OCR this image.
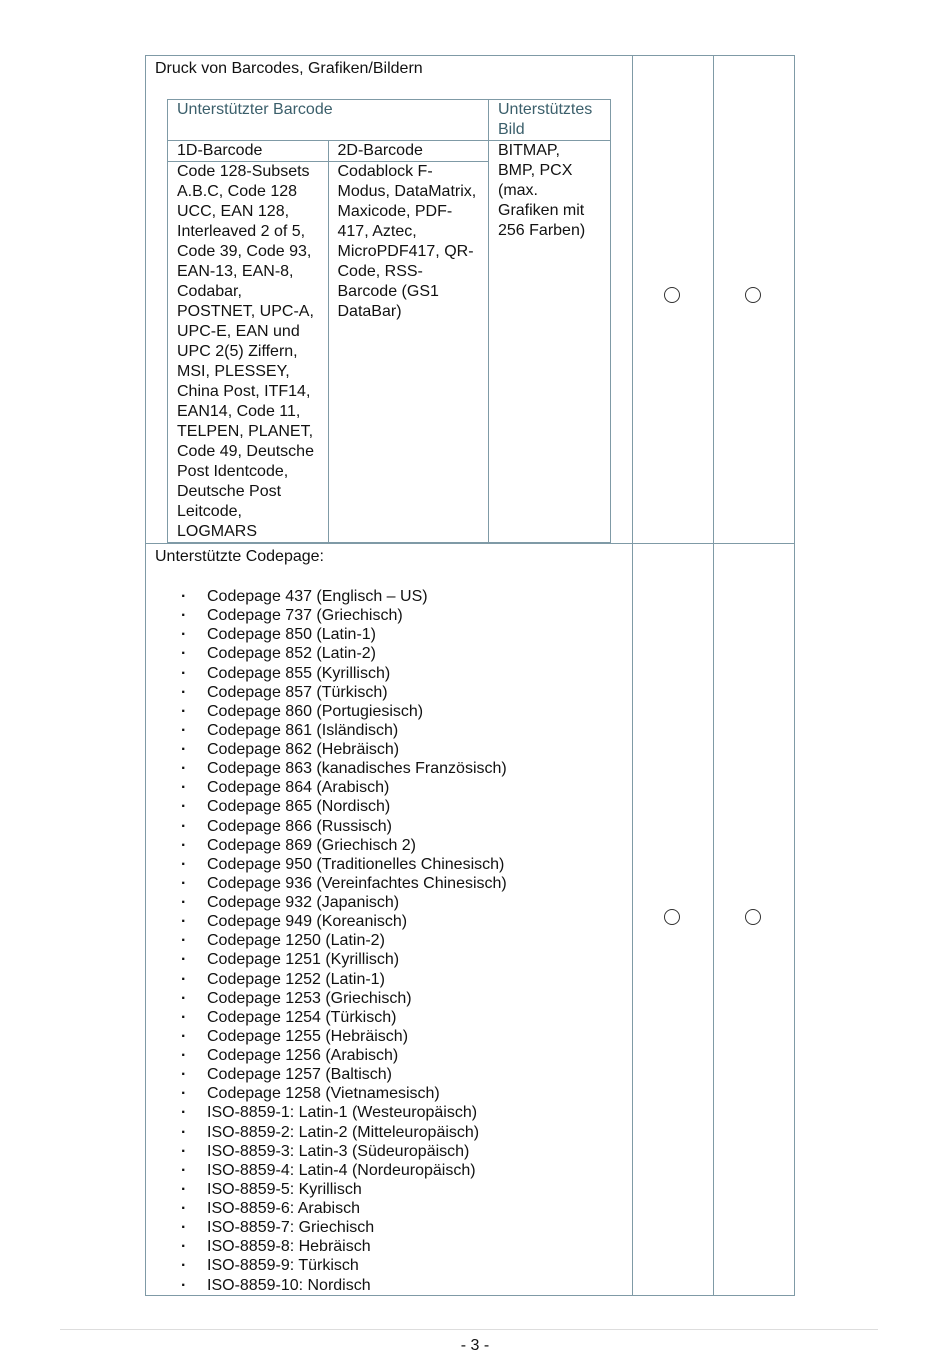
Druck von Barcodes, Grafiken/Bildern
Unterstützter Barcode	Unterstütztes Bild
1D-Barcode	2D-Barcode	BITMAP, BMP, PCX (max. Grafiken mit 256 Farben)
Code 128-Subsets A.B.C, Code 128 UCC, EAN 128, Interleaved 2 of 5, Code 39, Code 93, EAN-13, EAN-8, Codabar, POSTNET, UPC-A, UPC-E, EAN und UPC 2(5) Ziffern, MSI, PLESSEY, China Post, ITF14, EAN14, Code 11, TELPEN, PLANET, Code 49, Deutsche Post Identcode, Deutsche Post Leitcode, LOGMARS	Codablock F-Modus, DataMatrix, Maxicode, PDF-417, Aztec, MicroPDF417, QR-Code, RSS-Barcode (GS1 DataBar)

Unterstützte Codepage:
· Codepage 437 (Englisch – US)
· Codepage 737 (Griechisch)
· Codepage 850 (Latin-1)
· Codepage 852 (Latin-2)
· Codepage 855 (Kyrillisch)
· Codepage 857 (Türkisch)
· Codepage 860 (Portugiesisch)
· Codepage 861 (Isländisch)
· Codepage 862 (Hebräisch)
· Codepage 863 (kanadisches Französisch)
· Codepage 864 (Arabisch)
· Codepage 865 (Nordisch)
· Codepage 866 (Russisch)
· Codepage 869 (Griechisch 2)
· Codepage 950 (Traditionelles Chinesisch)
· Codepage 936 (Vereinfachtes Chinesisch)
· Codepage 932 (Japanisch)
· Codepage 949 (Koreanisch)
· Codepage 1250 (Latin-2)
· Codepage 1251 (Kyrillisch)
· Codepage 1252 (Latin-1)
· Codepage 1253 (Griechisch)
· Codepage 1254 (Türkisch)
· Codepage 1255 (Hebräisch)
· Codepage 1256 (Arabisch)
· Codepage 1257 (Baltisch)
· Codepage 1258 (Vietnamesisch)
· ISO-8859-1: Latin-1 (Westeuropäisch)
· ISO-8859-2: Latin-2 (Mitteleuropäisch)
· ISO-8859-3: Latin-3 (Südeuropäisch)
· ISO-8859-4: Latin-4 (Nordeuropäisch)
· ISO-8859-5: Kyrillisch
· ISO-8859-6: Arabisch
· ISO-8859-7: Griechisch
· ISO-8859-8: Hebräisch
· ISO-8859-9: Türkisch
· ISO-8859-10: Nordisch

- 3 -
